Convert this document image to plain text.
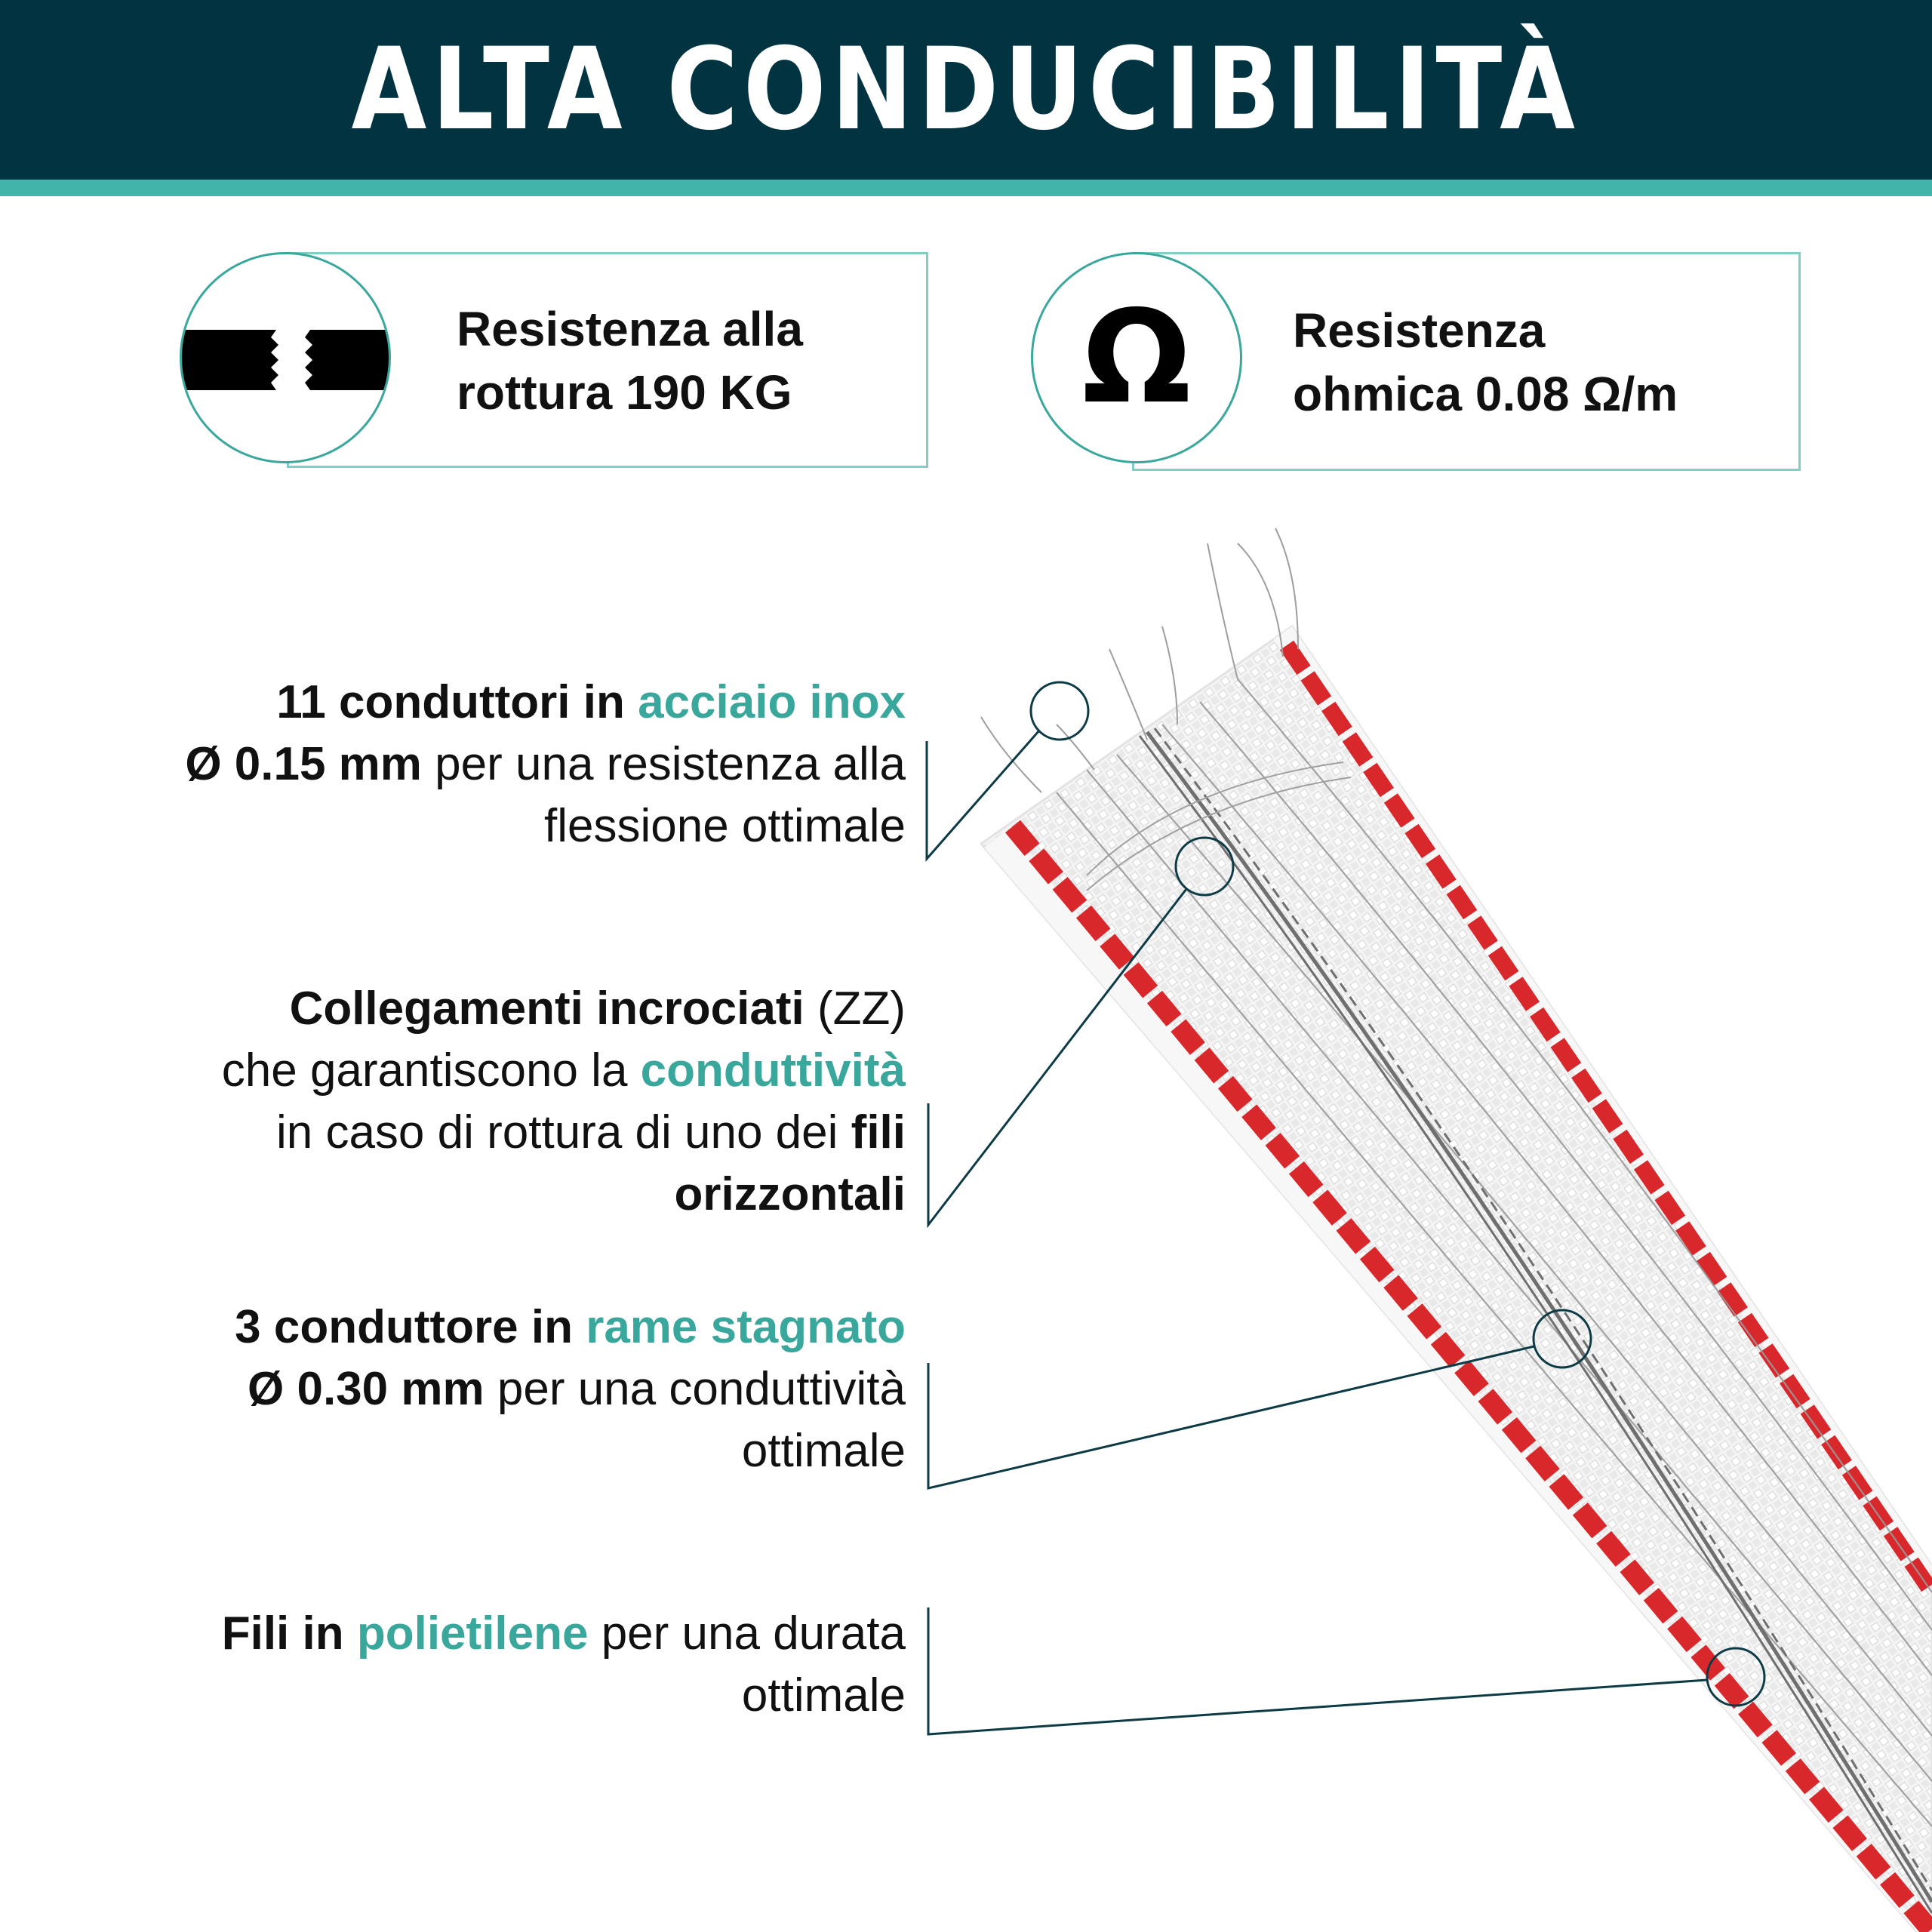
ALTA CONDUCIBILITÀ
Resistenza alla
rottura 190 KG	Ω	Resistenza
ohmica 0.08 Ω/m
11 conduttori in acciaio inox
Ø 0.15 mm per una resistenza alla
flessione ottimale
Collegamenti incrociati (ZZ)
che garantiscono la conduttività
in caso di rottura di uno dei fili
orizzontali
3 conduttore in rame stagnato
Ø 0.30 mm per una conduttività
ottimale
Fili in polietilene per una durata
ottimale
